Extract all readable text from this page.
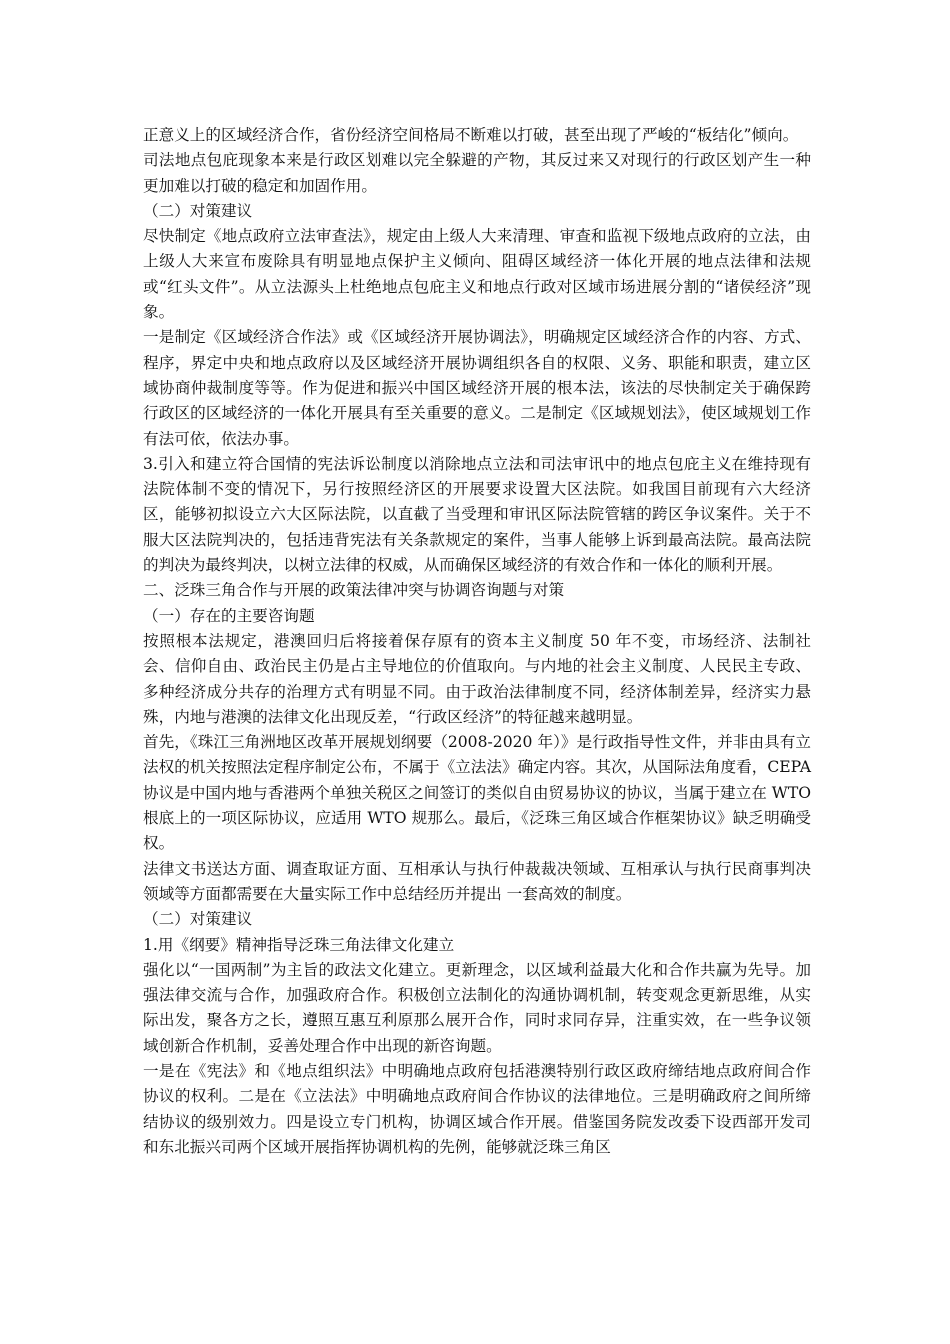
正意义上的区域经济合作，省份经济空间格局不断难以打破，甚至出现了严峻的“板结化”倾向。

司法地点包庇现象本来是行政区划难以完全躲避的产物，其反过来又对现行的行政区划产生一种更加难以打破的稳定和加固作用。

（二）对策建议

尽快制定《地点政府立法审查法》，规定由上级人大来清理、审查和监视下级地点政府的立法，由上级人大来宣布废除具有明显地点保护主义倾向、阻碍区域经济一体化开展的地点法律和法规或“红头文件”。从立法源头上杜绝地点包庇主义和地点行政对区域市场进展分割的“诸侯经济”现象。

一是制定《区域经济合作法》或《区域经济开展协调法》，明确规定区域经济合作的内容、方式、程序，界定中央和地点政府以及区域经济开展协调组织各自的权限、义务、职能和职责，建立区域协商仲裁制度等等。作为促进和振兴中国区域经济开展的根本法，该法的尽快制定关于确保跨行政区的区域经济的一体化开展具有至关重要的意义。二是制定《区域规划法》，使区域规划工作有法可依，依法办事。

3.引入和建立符合国情的宪法诉讼制度以消除地点立法和司法审讯中的地点包庇主义在维持现有法院体制不变的情况下，另行按照经济区的开展要求设置大区法院。如我国目前现有六大经济区，能够初拟设立六大区际法院，以直截了当受理和审讯区际法院管辖的跨区争议案件。关于不服大区法院判决的，包括违背宪法有关条款规定的案件，当事人能够上诉到最高法院。最高法院的判决为最终判决，以树立法律的权威，从而确保区域经济的有效合作和一体化的顺利开展。

二、泛珠三角合作与开展的政策法律冲突与协调咨询题与对策

（一）存在的主要咨询题

按照根本法规定，港澳回归后将接着保存原有的资本主义制度 50 年不变，市场经济、法制社会、信仰自由、政治民主仍是占主导地位的价值取向。与内地的社会主义制度、人民民主专政、多种经济成分共存的治理方式有明显不同。由于政治法律制度不同，经济体制差异，经济实力悬殊，内地与港澳的法律文化出现反差，“行政区经济”的特征越来越明显。

首先，《珠江三角洲地区改革开展规划纲要（2008-2020 年）》是行政指导性文件，并非由具有立法权的机关按照法定程序制定公布，不属于《立法法》确定内容。其次，从国际法角度看，CEPA 协议是中国内地与香港两个单独关税区之间签订的类似自由贸易协议的协议，当属于建立在 WTO 根底上的一项区际协议，应适用 WTO 规那么。最后，《泛珠三角区域合作框架协议》缺乏明确受权。

法律文书送达方面、调查取证方面、互相承认与执行仲裁裁决领域、互相承认与执行民商事判决领域等方面都需要在大量实际工作中总结经历并提出 一套高效的制度。

（二）对策建议

1.用《纲要》精神指导泛珠三角法律文化建立

强化以“一国两制”为主旨的政法文化建立。更新理念，以区域利益最大化和合作共赢为先导。加强法律交流与合作，加强政府合作。积极创立法制化的沟通协调机制，转变观念更新思维，从实际出发，聚各方之长，遵照互惠互利原那么展开合作，同时求同存异，注重实效，在一些争议领域创新合作机制，妥善处理合作中出现的新咨询题。

一是在《宪法》和《地点组织法》中明确地点政府包括港澳特别行政区政府缔结地点政府间合作协议的权利。二是在《立法法》中明确地点政府间合作协议的法律地位。三是明确政府之间所缔结协议的级别效力。四是设立专门机构，协调区域合作开展。借鉴国务院发改委下设西部开发司和东北振兴司两个区域开展指挥协调机构的先例，能够就泛珠三角区
